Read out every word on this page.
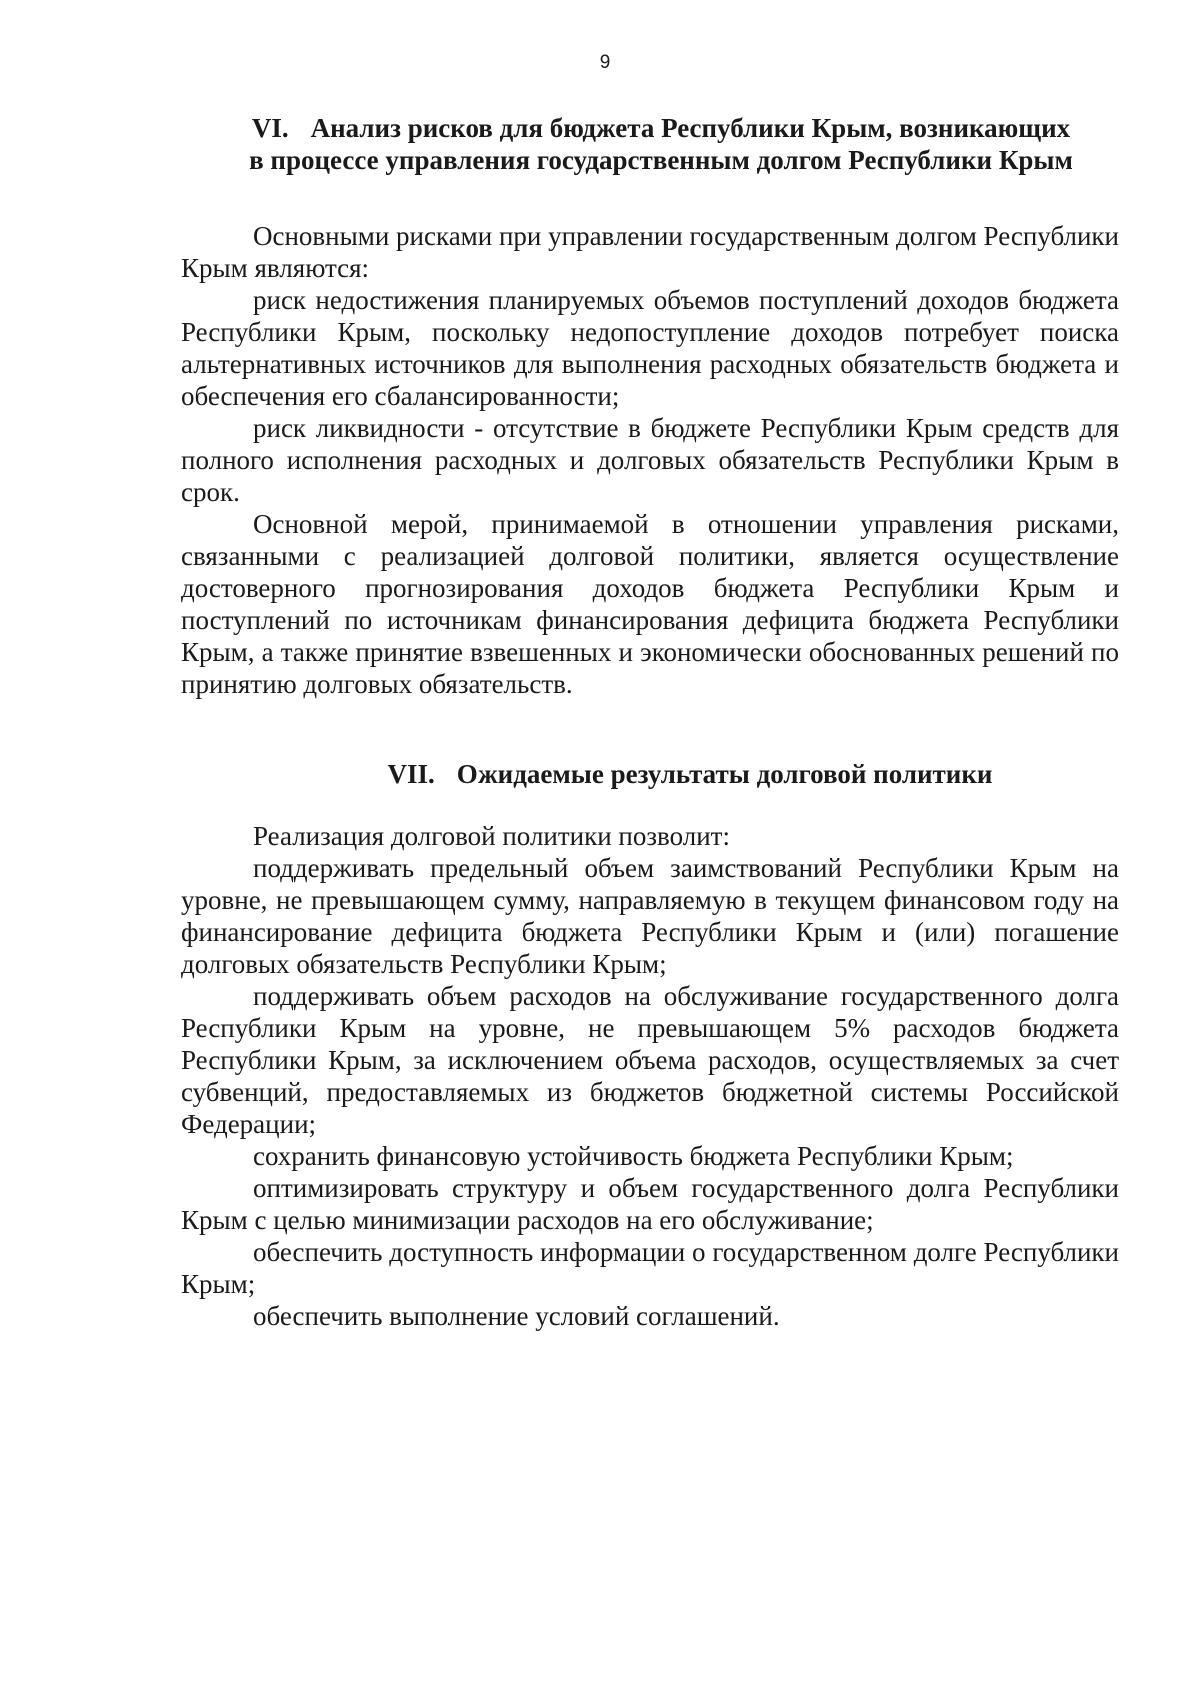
9
VI. Анализ рисков для бюджета Республики Крым, возникающих
в процессе управления государственным долгом Республики Крым

Основными рисками при управлении государственным долгом Республики Крым являются:

риск недостижения планируемых объемов поступлений доходов бюджета Республики Крым, поскольку недопоступление доходов потребует поиска альтернативных источников для выполнения расходных обязательств бюджета и обеспечения его сбалансированности;

риск ликвидности - отсутствие в бюджете Республики Крым средств для полного исполнения расходных и долговых обязательств Республики Крым в срок.

Основной мерой, принимаемой в отношении управления рисками, связанными с реализацией долговой политики, является осуществление достоверного прогнозирования доходов бюджета Республики Крым и поступлений по источникам финансирования дефицита бюджета Республики Крым, а также принятие взвешенных и экономически обоснованных решений по принятию долговых обязательств.

VII. Ожидаемые результаты долговой политики

Реализация долговой политики позволит:

поддерживать предельный объем заимствований Республики Крым на уровне, не превышающем сумму, направляемую в текущем финансовом году на финансирование дефицита бюджета Республики Крым и (или) погашение долговых обязательств Республики Крым;

поддерживать объем расходов на обслуживание государственного долга Республики Крым на уровне, не превышающем 5% расходов бюджета Республики Крым, за исключением объема расходов, осуществляемых за счет субвенций, предоставляемых из бюджетов бюджетной системы Российской Федерации;

сохранить финансовую устойчивость бюджета Республики Крым;

оптимизировать структуру и объем государственного долга Республики Крым с целью минимизации расходов на его обслуживание;

обеспечить доступность информации о государственном долге Республики Крым;

обеспечить выполнение условий соглашений.
